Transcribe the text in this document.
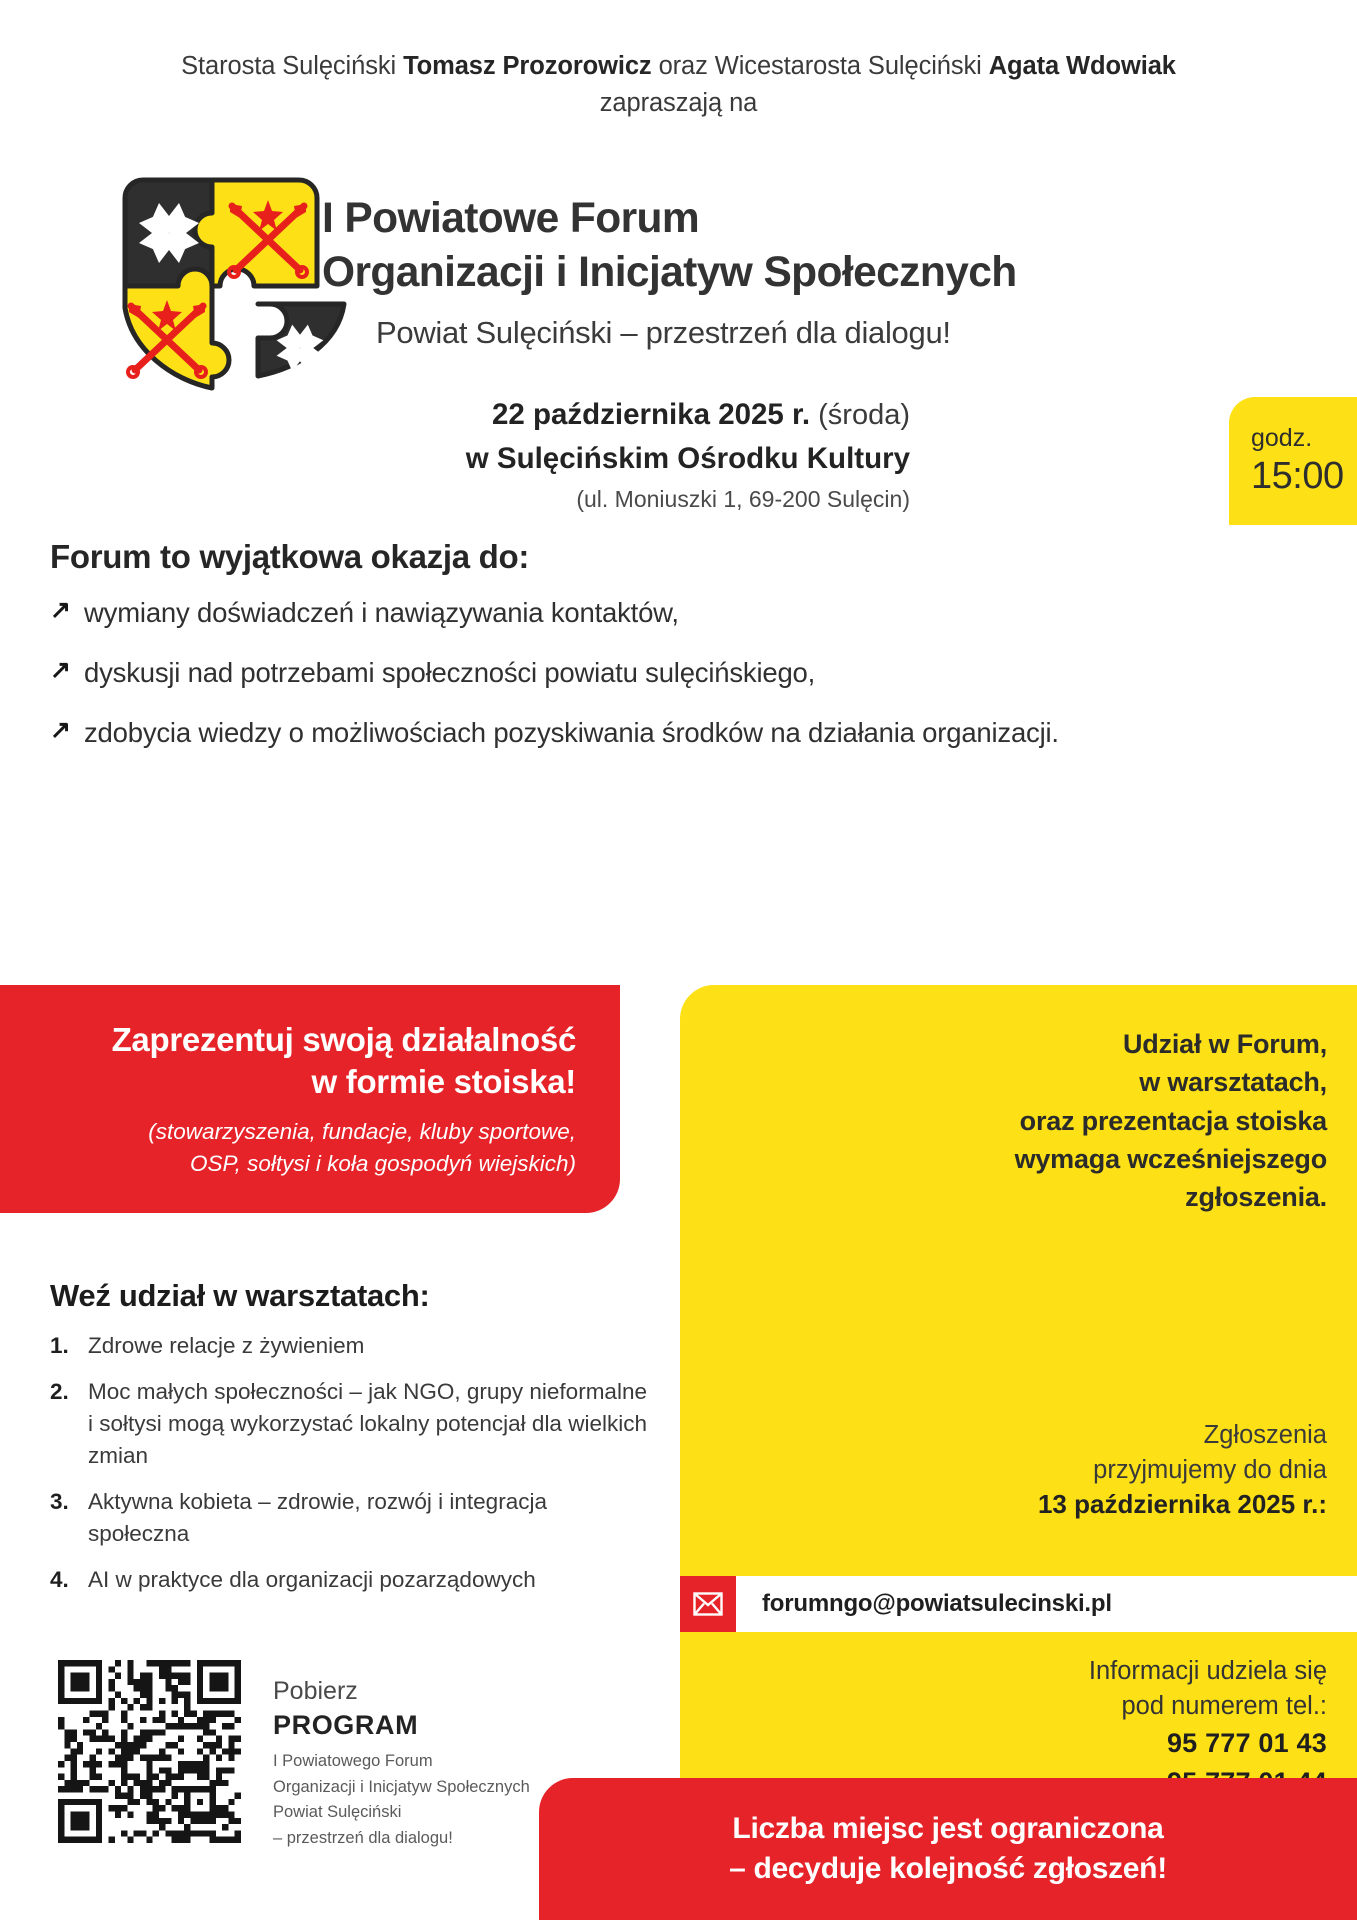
Starosta Sulęciński Tomasz Prozorowicz oraz Wicestarosta Sulęciński Agata Wdowiak
zapraszają na
I Powiatowe Forum
Organizacji i Inicjatyw Społecznych
Powiat Sulęciński – przestrzeń dla dialogu!
22 października 2025 r. (środa)
w Sulęcińskim Ośrodku Kultury
(ul. Moniuszki 1, 69-200 Sulęcin)
godz.
15:00
Forum to wyjątkowa okazja do:
↗ wymiany doświadczeń i nawiązywania kontaktów,
↗ dyskusji nad potrzebami społeczności powiatu sulęcińskiego,
↗ zdobycia wiedzy o możliwościach pozyskiwania środków na działania organizacji.
Zaprezentuj swoją działalność
w formie stoiska!
(stowarzyszenia, fundacje, kluby sportowe,
OSP, sołtysi i koła gospodyń wiejskich)
Weź udział w warsztatach:
1. Zdrowe relacje z żywieniem
2. Moc małych społeczności – jak NGO, grupy nieformalne i sołtysi mogą wykorzystać lokalny potencjał dla wielkich zmian
3. Aktywna kobieta – zdrowie, rozwój i integracja społeczna
4. AI w praktyce dla organizacji pozarządowych
Pobierz
PROGRAM
I Powiatowego Forum
Organizacji i Inicjatyw Społecznych
Powiat Sulęciński
– przestrzeń dla dialogu!
Udział w Forum,
w warsztatach,
oraz prezentacja stoiska
wymaga wcześniejszego
zgłoszenia.
Zgłoszenia
przyjmujemy do dnia
13 października 2025 r.:
forumngo@powiatsulecinski.pl
Informacji udziela się
pod numerem tel.:
95 777 01 43
Liczba miejsc jest ograniczona
– decyduje kolejność zgłoszeń!
